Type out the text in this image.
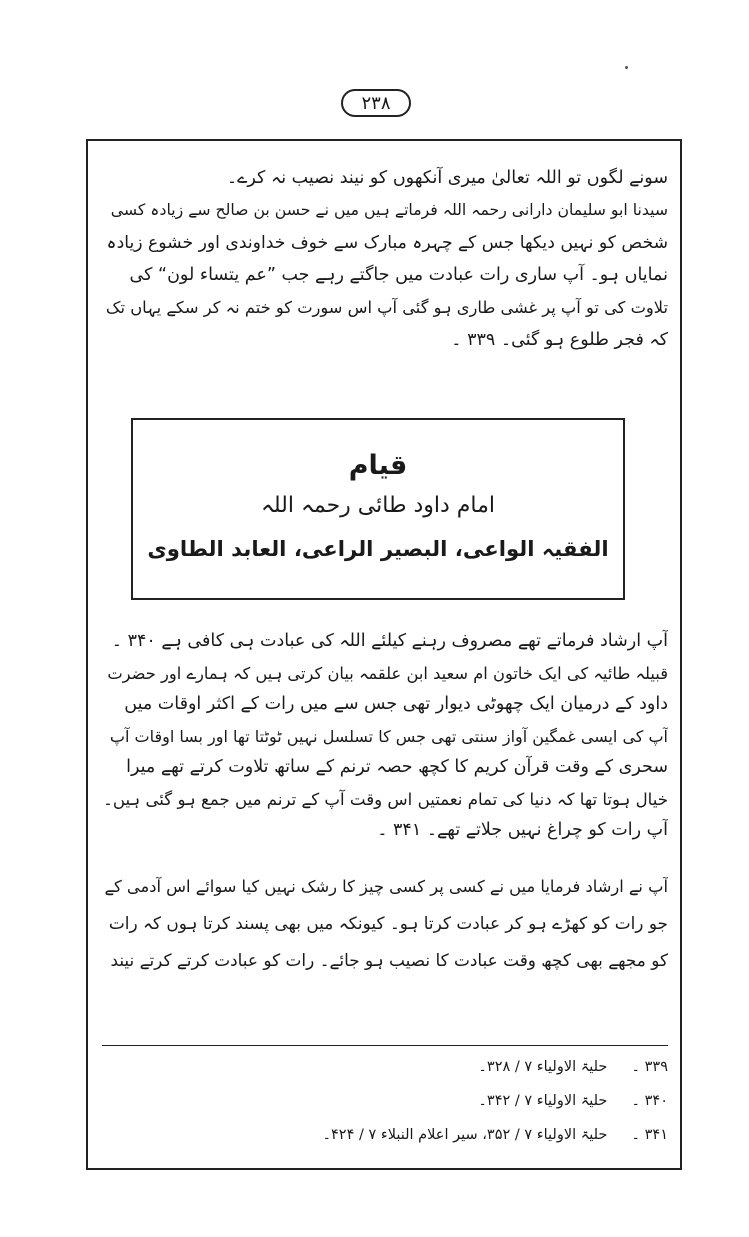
۲۳۸
سونے لگوں تو اللہ تعالیٰ میری آنکھوں کو نیند نصیب نہ کرے۔
سیدنا ابو سلیمان دارانی رحمہ اللہ فرماتے ہیں میں نے حسن بن صالح سے زیادہ کسی
شخص کو نہیں دیکھا جس کے چہرہ مبارک سے خوف خداوندی اور خشوع زیادہ
نمایاں ہو۔ آپ ساری رات عبادت میں جاگتے رہے جب ”عم یتساء لون“ کی
تلاوت کی تو آپ پر غشی طاری ہو گئی آپ اس سورت کو ختم نہ کر سکے یہاں تک
کہ فجر طلوع ہو گئی۔ ۳۳۹ ۔
قیام
امام داود طائی رحمہ اللہ
الفقیہ الواعی، البصیر الراعی، العابد الطاوی
آپ ارشاد فرماتے تھے مصروف رہنے کیلئے اللہ کی عبادت ہی کافی ہے ۳۴۰ ۔
قبیلہ طائیہ کی ایک خاتون ام سعید ابن علقمہ بیان کرتی ہیں کہ ہمارے اور حضرت
داود کے درمیان ایک چھوٹی دیوار تھی جس سے میں رات کے اکثر اوقات میں
آپ کی ایسی غمگین آواز سنتی تھی جس کا تسلسل نہیں ٹوٹتا تھا اور بسا اوقات آپ
سحری کے وقت قرآن کریم کا کچھ حصہ ترنم کے ساتھ تلاوت کرتے تھے میرا
خیال ہوتا تھا کہ دنیا کی تمام نعمتیں اس وقت آپ کے ترنم میں جمع ہو گئی ہیں۔
آپ رات کو چراغ نہیں جلاتے تھے۔ ۳۴۱ ۔
آپ نے ارشاد فرمایا میں نے کسی پر کسی چیز کا رشک نہیں کیا سوائے اس آدمی کے
جو رات کو کھڑے ہو کر عبادت کرتا ہو۔ کیونکہ میں بھی پسند کرتا ہوں کہ رات
کو مجھے بھی کچھ وقت عبادت کا نصیب ہو جائے۔ رات کو عبادت کرتے کرتے نیند
۳۳۹ ۔ حلیۃ الاولیاء ۷ / ۳۲۸۔
۳۴۰ ۔ حلیۃ الاولیاء ۷ / ۳۴۲۔
۳۴۱ ۔ حلیۃ الاولیاء ۷ / ۳۵۲، سیر اعلام النبلاء ۷ / ۴۲۴۔
